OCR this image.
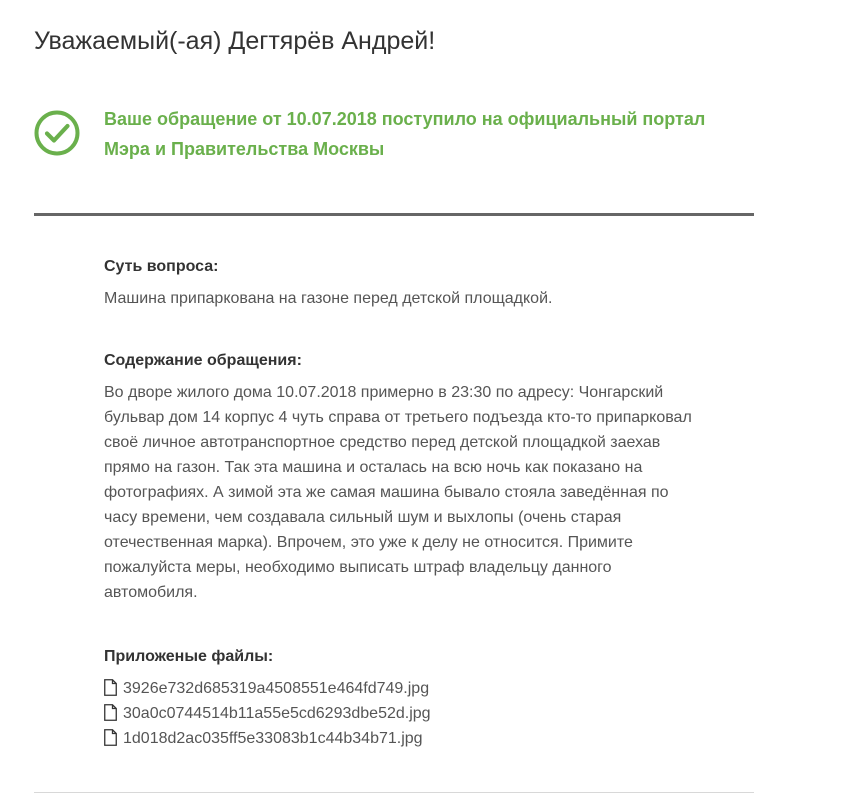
Уважаемый(-ая) Дегтярёв Андрей!
Ваше обращение от 10.07.2018 поступило на официальный портал
Мэра и Правительства Москвы
Суть вопроса:
Машина припаркована на газоне перед детской площадкой.
Содержание обращения:
Во дворе жилого дома 10.07.2018 примерно в 23:30 по адресу: Чонгарский бульвар дом 14 корпус 4 чуть справа от третьего подъезда кто-то припарковал своё личное автотранспортное средство перед детской площадкой заехав прямо на газон. Так эта машина и осталась на всю ночь как показано на фотографиях. А зимой эта же самая машина бывало стояла заведённая по часу времени, чем создавала сильный шум и выхлопы (очень старая отечественная марка). Впрочем, это уже к делу не относится. Примите пожалуйста меры, необходимо выписать штраф владельцу данного автомобиля.
Приложеные файлы:
3926e732d685319a4508551e464fd749.jpg 30a0c0744514b11a55e5cd6293dbe52d.jpg 1d018d2ac035ff5e33083b1c44b34b71.jpg
